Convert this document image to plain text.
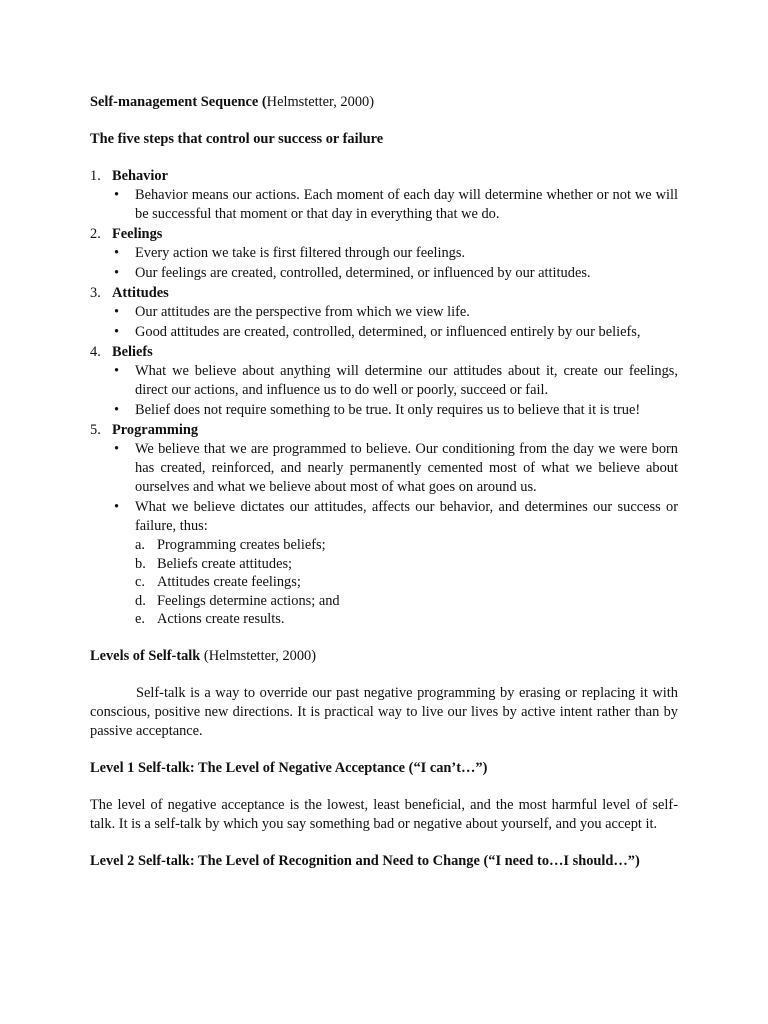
Self-management Sequence (Helmstetter, 2000)

The five steps that control our success or failure

1. Behavior
•	Behavior means our actions. Each moment of each day will determine whether or not we will be successful that moment or that day in everything that we do.
2. Feelings
•	Every action we take is first filtered through our feelings.
•	Our feelings are created, controlled, determined, or influenced by our attitudes.
3. Attitudes
•	Our attitudes are the perspective from which we view life.
•	Good attitudes are created, controlled, determined, or influenced entirely by our beliefs,
4. Beliefs
•	What we believe about anything will determine our attitudes about it, create our feelings, direct our actions, and influence us to do well or poorly, succeed or fail.
•	Belief does not require something to be true. It only requires us to believe that it is true!
5. Programming
•	We believe that we are programmed to believe. Our conditioning from the day we were born has created, reinforced, and nearly permanently cemented most of what we believe about ourselves and what we believe about most of what goes on around us.
•	What we believe dictates our attitudes, affects our behavior, and determines our success or failure, thus:
a. Programming creates beliefs;
b. Beliefs create attitudes;
c. Attitudes create feelings;
d. Feelings determine actions; and
e. Actions create results.

Levels of Self-talk (Helmstetter, 2000)

Self-talk is a way to override our past negative programming by erasing or replacing it with conscious, positive new directions. It is practical way to live our lives by active intent rather than by passive acceptance.

Level 1 Self-talk: The Level of Negative Acceptance (“I can’t…”)

The level of negative acceptance is the lowest, least beneficial, and the most harmful level of self-talk. It is a self-talk by which you say something bad or negative about yourself, and you accept it.

Level 2 Self-talk: The Level of Recognition and Need to Change (“I need to…I should…”)
